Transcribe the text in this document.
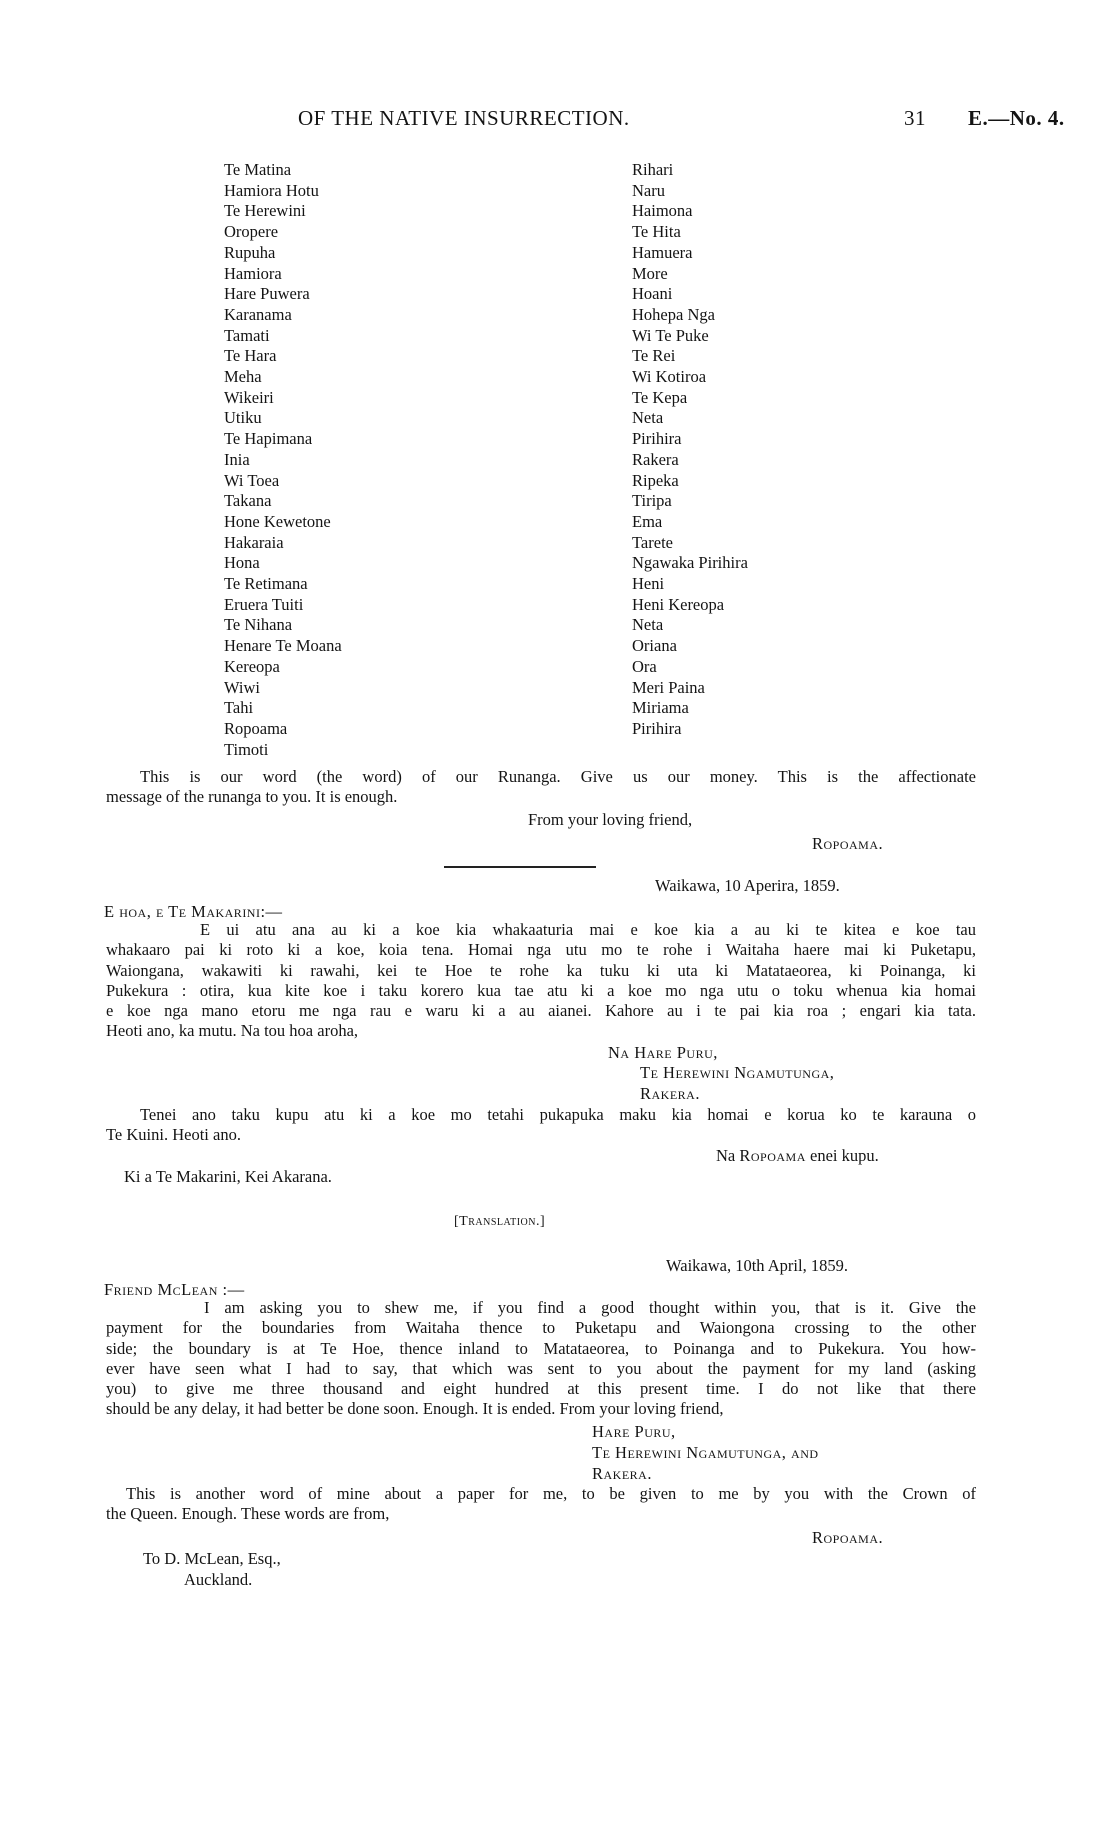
OF THE NATIVE INSURRECTION.	31 E.—No. 4.
Te Matina
Hamiora Hotu
Te Herewini
Oropere
Rupuha
Hamiora
Hare Puwera
Karanama
Tamati
Te Hara
Meha
Wikeiri
Utiku
Te Hapimana
Inia
Wi Toea
Takana
Hone Kewetone
Hakaraia
Hona
Te Retimana
Eruera Tuiti
Te Nihana
Henare Te Moana
Kereopa
Wiwi
Tahi
Ropoama
Timoti
Rihari
Naru
Haimona
Te Hita
Hamuera
More
Hoani
Hohepa Nga
Wi Te Puke
Te Rei
Wi Kotiroa
Te Kepa
Neta
Pirihira
Rakera
Ripeka
Tiripa
Ema
Tarete
Ngawaka Pirihira
Heni
Heni Kereopa
Neta
Oriana
Ora
Meri Paina
Miriama
Pirihira
This is our word (the word) of our Runanga. Give us our money. This is the affectionate
message of the runanga to you. It is enough.
From your loving friend,
Ropoama.
Waikawa, 10 Aperira, 1859.
E hoa, e Te Makarini:—
E ui atu ana au ki a koe kia whakaaturia mai e koe kia a au ki te kitea e koe tau
whakaaro pai ki roto ki a koe, koia tena. Homai nga utu mo te rohe i Waitaha haere mai ki Puketapu,
Waiongana, wakawiti ki rawahi, kei te Hoe te rohe ka tuku ki uta ki Matataeorea, ki Poinanga, ki
Pukekura : otira, kua kite koe i taku korero kua tae atu ki a koe mo nga utu o toku whenua kia homai
e koe nga mano etoru me nga rau e waru ki a au aianei. Kahore au i te pai kia roa ; engari kia tata.
Heoti ano, ka mutu. Na tou hoa aroha,
Na Hare Puru,
Te Herewini Ngamutunga,
Rakera.
Tenei ano taku kupu atu ki a koe mo tetahi pukapuka maku kia homai e korua ko te karauna o
Te Kuini. Heoti ano.
Na Ropoama enei kupu.
Ki a Te Makarini, Kei Akarana.
[Translation.]
Waikawa, 10th April, 1859.
Friend McLean :—
I am asking you to shew me, if you find a good thought within you, that is it. Give the
payment for the boundaries from Waitaha thence to Puketapu and Waiongona crossing to the other
side; the boundary is at Te Hoe, thence inland to Matataeorea, to Poinanga and to Pukekura. You how-
ever have seen what I had to say, that which was sent to you about the payment for my land (asking
you) to give me three thousand and eight hundred at this present time. I do not like that there
should be any delay, it had better be done soon. Enough. It is ended. From your loving friend,
Hare Puru,
Te Herewini Ngamutunga, and
Rakera.
This is another word of mine about a paper for me, to be given to me by you with the Crown of
the Queen. Enough. These words are from,
Ropoama.
To D. McLean, Esq.,
Auckland.
